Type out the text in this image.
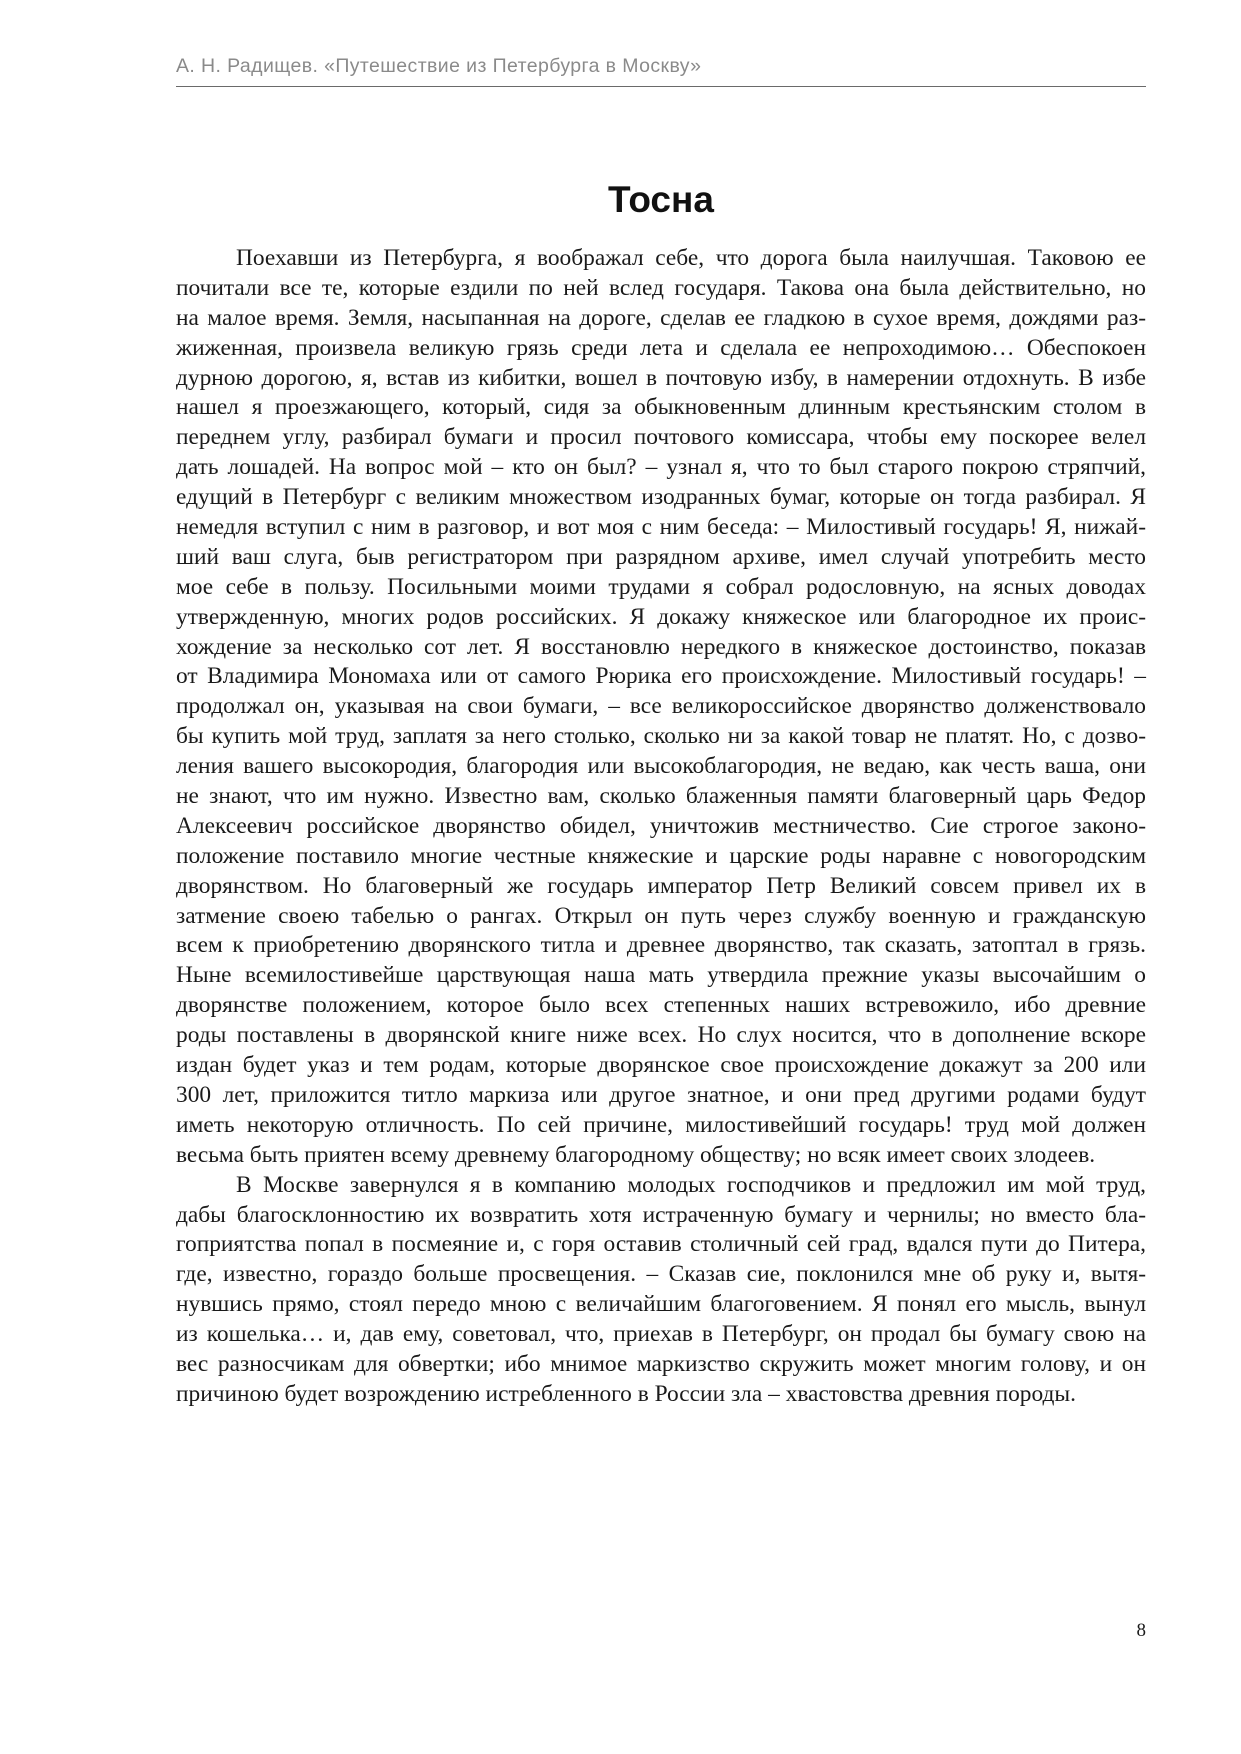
А. Н. Радищев. «Путешествие из Петербурга в Москву»
Тосна
Поехавши из Петербурга, я воображал себе, что дорога была наилучшая. Таковою ее
почитали все те, которые ездили по ней вслед государя. Такова она была действительно, но
на малое время. Земля, насыпанная на дороге, сделав ее гладкою в сухое время, дождями раз-
жиженная, произвела великую грязь среди лета и сделала ее непроходимою… Обеспокоен
дурною дорогою, я, встав из кибитки, вошел в почтовую избу, в намерении отдохнуть. В избе
нашел я проезжающего, который, сидя за обыкновенным длинным крестьянским столом в
переднем углу, разбирал бумаги и просил почтового комиссара, чтобы ему поскорее велел
дать лошадей. На вопрос мой – кто он был? – узнал я, что то был старого покрою стряпчий,
едущий в Петербург с великим множеством изодранных бумаг, которые он тогда разбирал. Я
немедля вступил с ним в разговор, и вот моя с ним беседа: – Милостивый государь! Я, нижай-
ший ваш слуга, быв регистратором при разрядном архиве, имел случай употребить место
мое себе в пользу. Посильными моими трудами я собрал родословную, на ясных доводах
утвержденную, многих родов российских. Я докажу княжеское или благородное их проис-
хождение за несколько сот лет. Я восстановлю нередкого в княжеское достоинство, показав
от Владимира Мономаха или от самого Рюрика его происхождение. Милостивый государь! –
продолжал он, указывая на свои бумаги, – все великороссийское дворянство долженствовало
бы купить мой труд, заплатя за него столько, сколько ни за какой товар не платят. Но, с дозво-
ления вашего высокородия, благородия или высокоблагородия, не ведаю, как честь ваша, они
не знают, что им нужно. Известно вам, сколько блаженныя памяти благоверный царь Федор
Алексеевич российское дворянство обидел, уничтожив местничество. Сие строгое законо-
положение поставило многие честные княжеские и царские роды наравне с новогородским
дворянством. Но благоверный же государь император Петр Великий совсем привел их в
затмение своею табелью о рангах. Открыл он путь через службу военную и гражданскую
всем к приобретению дворянского титла и древнее дворянство, так сказать, затоптал в грязь.
Ныне всемилостивейше царствующая наша мать утвердила прежние указы высочайшим о
дворянстве положением, которое было всех степенных наших встревожило, ибо древние
роды поставлены в дворянской книге ниже всех. Но слух носится, что в дополнение вскоре
издан будет указ и тем родам, которые дворянское свое происхождение докажут за 200 или
300 лет, приложится титло маркиза или другое знатное, и они пред другими родами будут
иметь некоторую отличность. По сей причине, милостивейший государь! труд мой должен
весьма быть приятен всему древнему благородному обществу; но всяк имеет своих злодеев.
В Москве завернулся я в компанию молодых господчиков и предложил им мой труд,
дабы благосклонностию их возвратить хотя истраченную бумагу и чернилы; но вместо бла-
гоприятства попал в посмеяние и, с горя оставив столичный сей град, вдался пути до Питера,
где, известно, гораздо больше просвещения. – Сказав сие, поклонился мне об руку и, вытя-
нувшись прямо, стоял передо мною с величайшим благоговением. Я понял его мысль, вынул
из кошелька… и, дав ему, советовал, что, приехав в Петербург, он продал бы бумагу свою на
вес разносчикам для обвертки; ибо мнимое маркизство скружить может многим голову, и он
причиною будет возрождению истребленного в России зла – хвастовства древния породы.
8
